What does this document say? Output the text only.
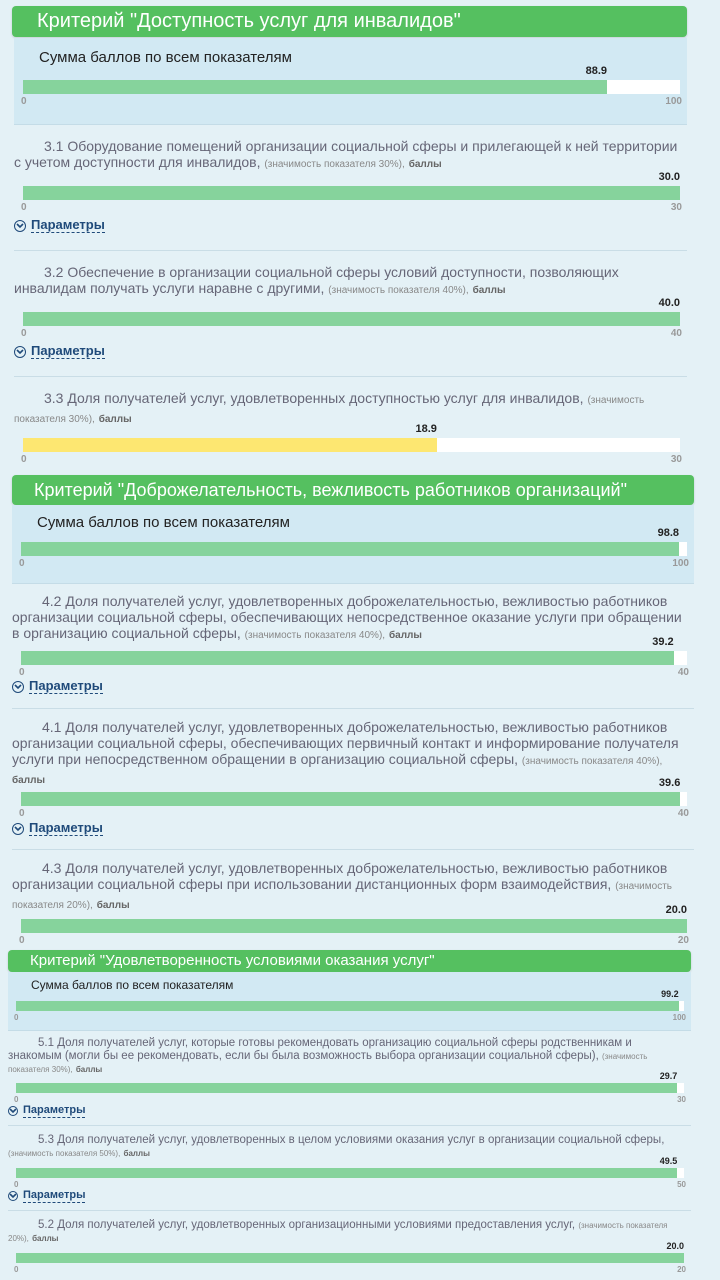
Критерий "Доступность услуг для инвалидов"
Сумма баллов по всем показателям
88.9
0	100
3.1 Оборудование помещений организации социальной сферы и прилегающей к ней территории с учетом доступности для инвалидов, (значимость показателя 30%), баллы
30.0
0	30
Параметры
3.2 Обеспечение в организации социальной сферы условий доступности, позволяющих инвалидам получать услуги наравне с другими, (значимость показателя 40%), баллы
40.0
0	40
Параметры
3.3 Доля получателей услуг, удовлетворенных доступностью услуг для инвалидов, (значимость показателя 30%), баллы
18.9
0	30
Критерий "Доброжелательность, вежливость работников организаций"
Сумма баллов по всем показателям
98.8
0	100
4.2 Доля получателей услуг, удовлетворенных доброжелательностью, вежливостью работников организации социальной сферы, обеспечивающих непосредственное оказание услуги при обращении в организацию социальной сферы, (значимость показателя 40%), баллы
39.2
0	40
Параметры
4.1 Доля получателей услуг, удовлетворенных доброжелательностью, вежливостью работников организации социальной сферы, обеспечивающих первичный контакт и информирование получателя услуги при непосредственном обращении в организацию социальной сферы, (значимость показателя 40%), баллы	39.6
0	40
Параметры
4.3 Доля получателей услуг, удовлетворенных доброжелательностью, вежливостью работников организации социальной сферы при использовании дистанционных форм взаимодействия, (значимость показателя 20%), баллы	20.0
0	20
Критерий "Удовлетворенность условиями оказания услуг"
Сумма баллов по всем показателям
99.2
0	100
5.1 Доля получателей услуг, которые готовы рекомендовать организацию социальной сферы родственникам и знакомым (могли бы ее рекомендовать, если бы была возможность выбора организации социальной сферы), (значимость показателя 30%), баллы
29.7
0	30
Параметры
5.3 Доля получателей услуг, удовлетворенных в целом условиями оказания услуг в организации социальной сферы, (значимость показателя 50%), баллы
49.5
0	50
Параметры
5.2 Доля получателей услуг, удовлетворенных организационными условиями предоставления услуг, (значимость показателя 20%), баллы
20.0
0	20
